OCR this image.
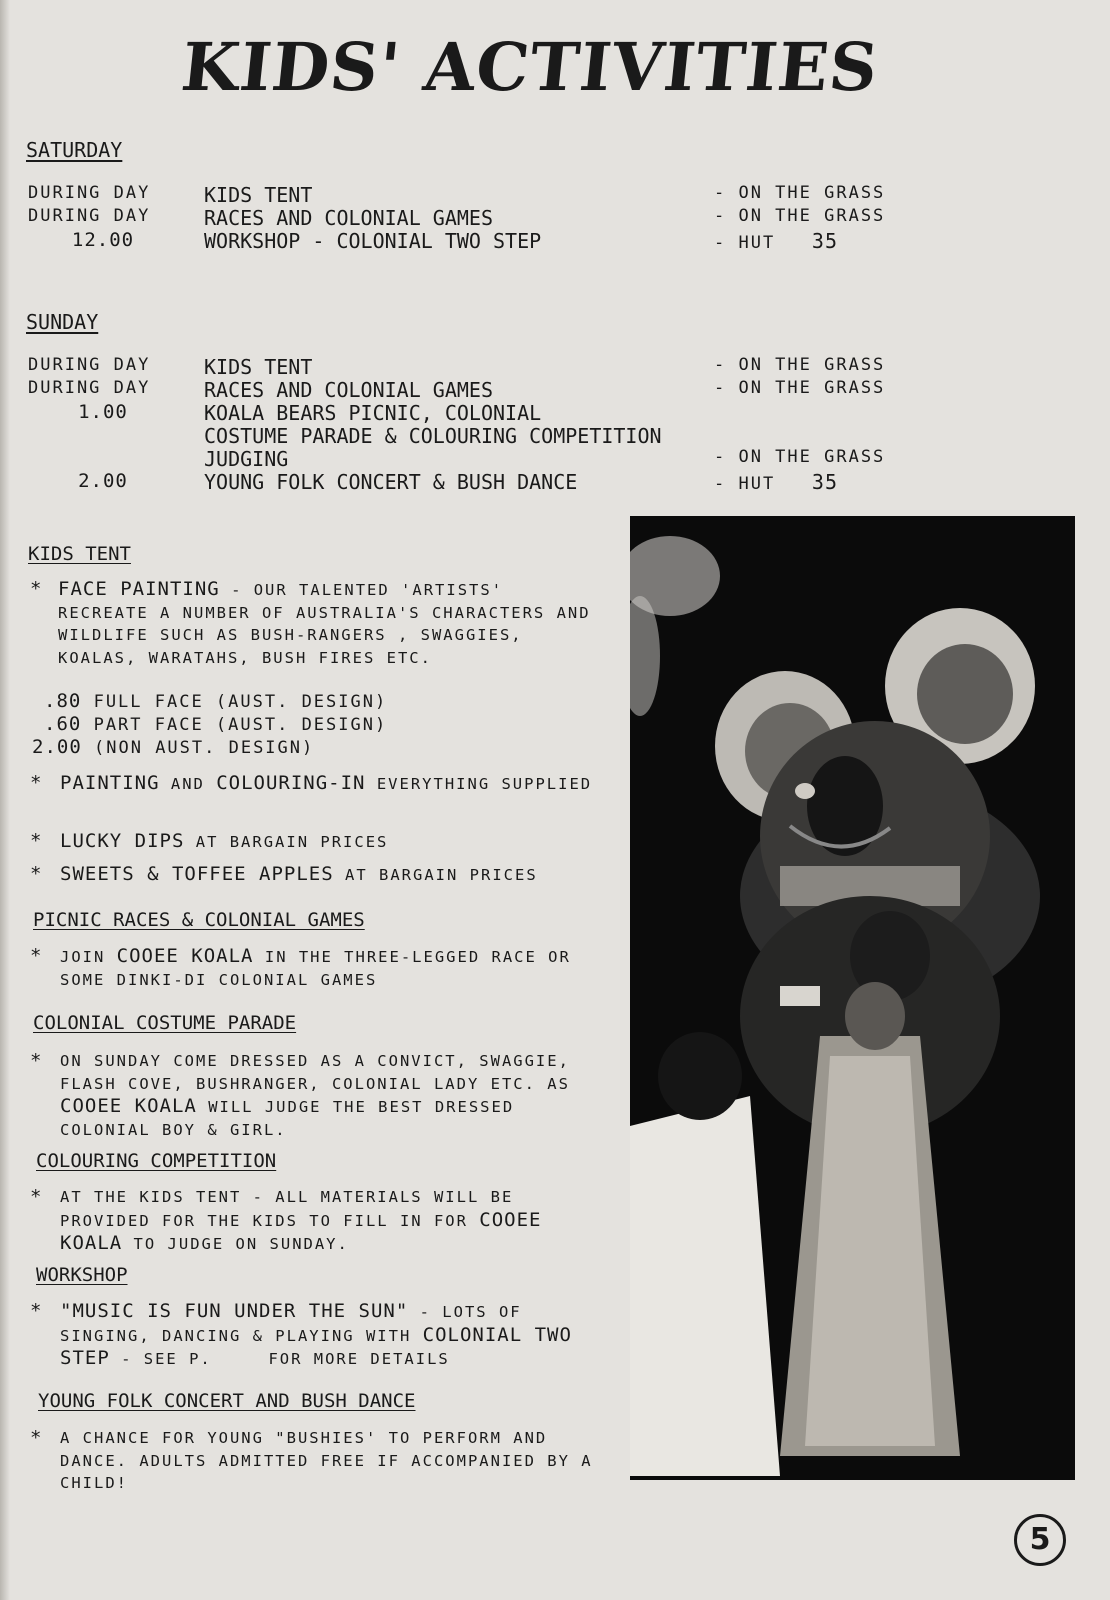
KIDS' ACTIVITIES
SATURDAY
DURING DAY	KIDS TENT	- ON THE GRASS
DURING DAY	RACES AND COLONIAL GAMES	- ON THE GRASS
12.00	WORKSHOP - COLONIAL TWO STEP	- HUT 35
SUNDAY
DURING DAY	KIDS TENT	- ON THE GRASS
DURING DAY	RACES AND COLONIAL GAMES	- ON THE GRASS
1.00	KOALA BEARS PICNIC, COLONIAL
COSTUME PARADE & COLOURING COMPETITION
JUDGING	- ON THE GRASS
2.00	YOUNG FOLK CONCERT & BUSH DANCE	- HUT 35
KIDS TENT
* FACE PAINTING - OUR TALENTED 'ARTISTS' RECREATE A NUMBER OF AUSTRALIA'S CHARACTERS AND WILDLIFE SUCH AS BUSH-RANGERS , SWAGGIES, KOALAS, WARATAHS, BUSH FIRES ETC.
.80 FULL FACE (AUST. DESIGN)
.60 PART FACE (AUST. DESIGN)
2.00 (NON AUST. DESIGN)
* PAINTING AND COLOURING-IN EVERYTHING SUPPLIED
* LUCKY DIPS AT BARGAIN PRICES
* SWEETS & TOFFEE APPLES AT BARGAIN PRICES
PICNIC RACES & COLONIAL GAMES
*	JOIN COOEE KOALA IN THE THREE-LEGGED RACE OR SOME DINKI-DI COLONIAL GAMES
COLONIAL COSTUME PARADE
*	ON SUNDAY COME DRESSED AS A CONVICT, SWAGGIE, FLASH COVE, BUSHRANGER, COLONIAL LADY ETC. AS COOEE KOALA WILL JUDGE THE BEST DRESSED COLONIAL BOY & GIRL.
COLOURING COMPETITION
*	AT THE KIDS TENT - ALL MATERIALS WILL BE PROVIDED FOR THE KIDS TO FILL IN FOR COOEE KOALA TO JUDGE ON SUNDAY.
WORKSHOP
* "MUSIC IS FUN UNDER THE SUN" - LOTS OF SINGING, DANCING & PLAYING WITH COLONIAL TWO STEP - SEE P.	FOR MORE DETAILS
YOUNG FOLK CONCERT AND BUSH DANCE
*	A CHANCE FOR YOUNG "BUSHIES' TO PERFORM AND DANCE. ADULTS ADMITTED FREE IF ACCOMPANIED BY A CHILD!
5
